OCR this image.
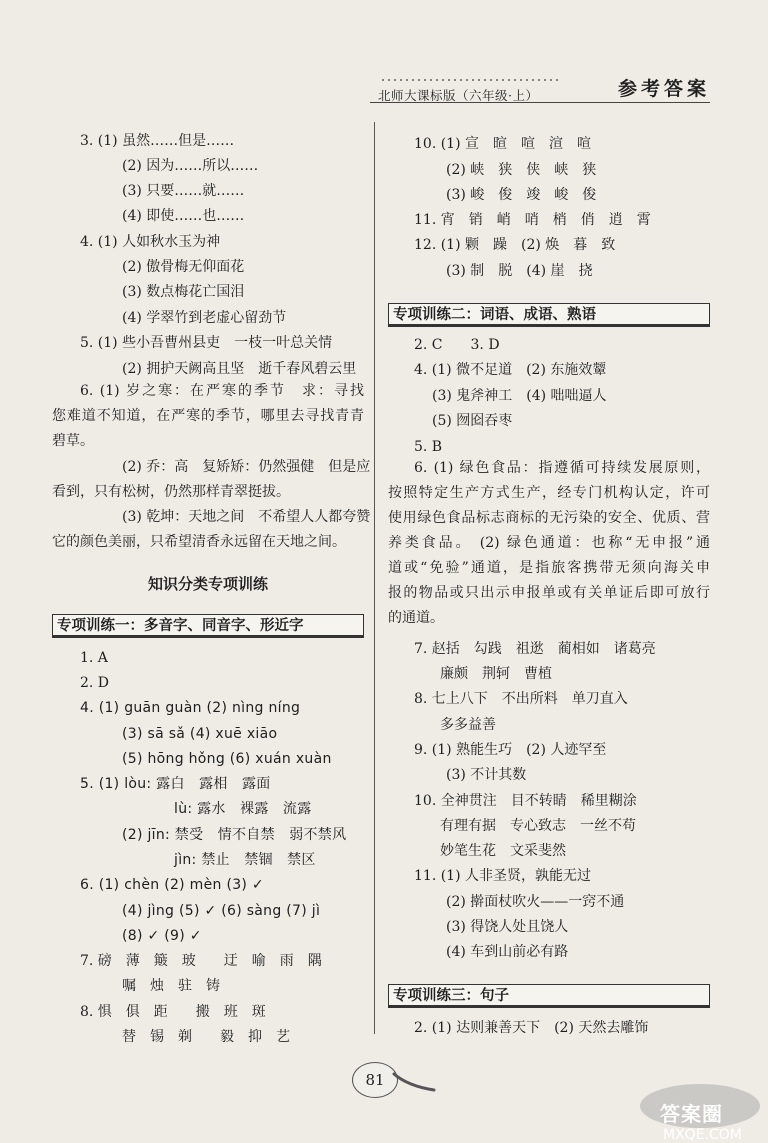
北师大课标版（六年级·上）	参考答案
3. (1) 虽然……但是……
(2) 因为……所以……
(3) 只要……就……
(4) 即使……也……
4. (1) 人如秋水玉为神
(2) 傲骨梅无仰面花
(3) 数点梅花亡国泪
(4) 学翠竹到老虚心留劲节
5. (1) 些小吾曹州县吏　一枝一叶总关情
(2) 拥护天阙高且坚　逝千春风碧云里
6. (1) 岁之寒：在严寒的季节　求：寻找
您难道不知道，在严寒的季节，哪里去寻找青青
碧草。
(2) 乔：高　复矫矫：仍然强健　但是应
看到，只有松树，仍然那样青翠挺拔。
(3) 乾坤：天地之间　不希望人人都夸赞
它的颜色美丽，只希望清香永远留在天地之间。
知识分类专项训练
专项训练一：多音字、同音字、形近字
1. A
2. D
4. (1) guān guàn (2) nìng níng
(3) sā sǎ (4) xuē xiāo
(5) hōng hǒng (6) xuán xuàn
5. (1) lòu: 露白　露相　露面
lù: 露水　裸露　流露
(2) jīn: 禁受　情不自禁　弱不禁风
jìn: 禁止　禁锢　禁区
6. (1) chèn (2) mèn (3) ✓
(4) jìng (5) ✓ (6) sàng (7) jì
(8) ✓ (9) ✓
7. 磅　薄　簸　玻　　迂　喻　雨　隅
嘱　烛　驻　铸
8. 惧　俱　距　　搬　班　斑
替　锡　剃　　毅　抑　艺
10. (1) 宣　暄　喧　渲　喧
(2) 峡　狭　侠　峡　狭
(3) 峻　俊　竣　峻　俊
11. 宵　销　峭　哨　梢　俏　逍　霄
12. (1) 颗　躁　(2) 焕　暮　致
(3) 制　脱　(4) 崖　挠
专项训练二：词语、成语、熟语
2. C　　3. D
4. (1) 微不足道　(2) 东施效颦
(3) 鬼斧神工　(4) 咄咄逼人
(5) 囫囵吞枣
5. B
6. (1) 绿色食品：指遵循可持续发展原则，
按照特定生产方式生产，经专门机构认定，许可
使用绿色食品标志商标的无污染的安全、优质、营
养类食品。 (2) 绿色通道：也称“无申报”通
道或“免验”通道，是指旅客携带无须向海关申
报的物品或只出示申报单或有关单证后即可放行
的通道。
7. 赵括　勾践　祖逖　蔺相如　诸葛亮
廉颇　荆轲　曹植
8. 七上八下　不出所料　单刀直入
多多益善
9. (1) 熟能生巧　(2) 人迹罕至
(3) 不计其数
10. 全神贯注　目不转睛　稀里糊涂
有理有据　专心致志　一丝不苟
妙笔生花　文采斐然
11. (1) 人非圣贤，孰能无过
(2) 擀面杖吹火——一窍不通
(3) 得饶人处且饶人
(4) 车到山前必有路
专项训练三：句子
2. (1) 达则兼善天下　(2) 天然去雕饰
81
答案圈
MXQE.COM
